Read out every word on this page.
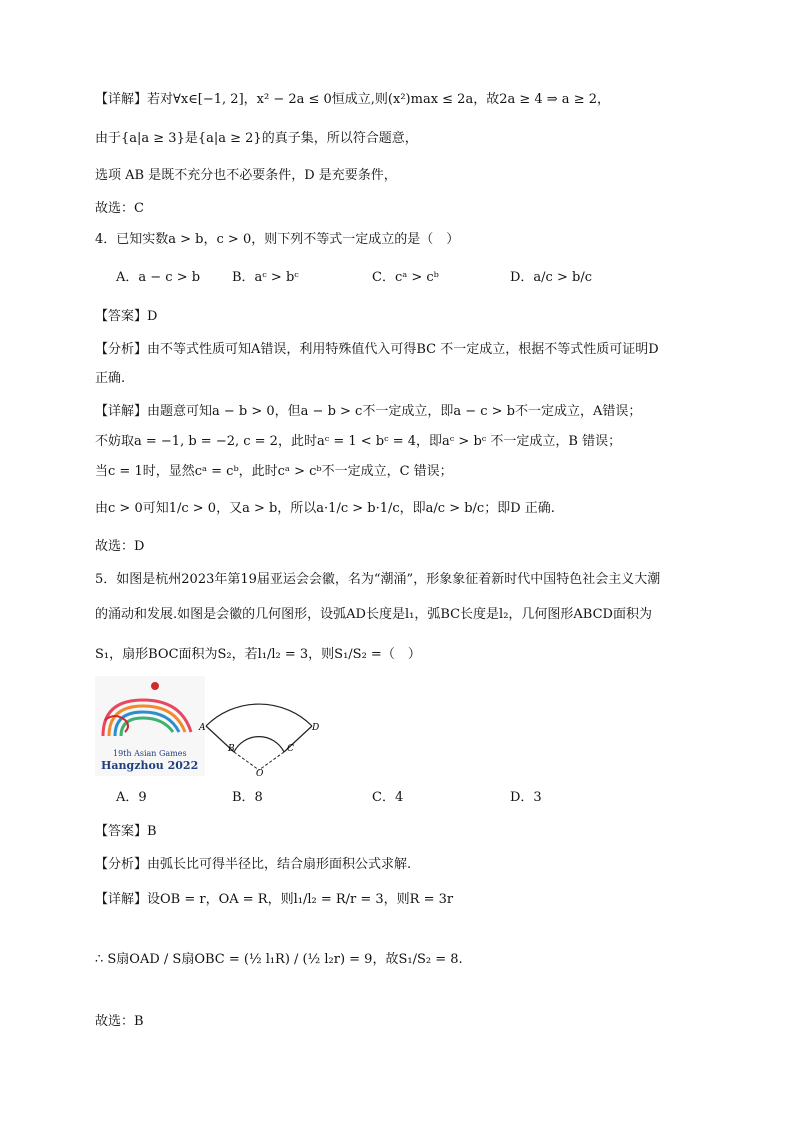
【详解】若对∀x∈[−1, 2]，x² − 2a ≤ 0恒成立,则(x²)max ≤ 2a，故2a ≥ 4 ⇒ a ≥ 2，
由于{a|a ≥ 3}是{a|a ≥ 2}的真子集，所以符合题意，
选项 AB 是既不充分也不必要条件，D 是充要条件，
故选：C
4．已知实数a > b，c > 0，则下列不等式一定成立的是（　）
A．a − c > b B．aᶜ > bᶜ	C．cᵃ > cᵇ	D．a/c > b/c
【答案】D
【分析】由不等式性质可知A错误，利用特殊值代入可得BC 不一定成立，根据不等式性质可证明D
正确.
【详解】由题意可知a − b > 0，但a − b > c不一定成立，即a − c > b不一定成立，A错误；
不妨取a = −1, b = −2, c = 2，此时aᶜ = 1 < bᶜ = 4，即aᶜ > bᶜ 不一定成立，B 错误；
当c = 1时，显然cᵃ = cᵇ，此时cᵃ > cᵇ不一定成立，C 错误；
由c > 0可知1/c > 0，又a > b，所以a·1/c > b·1/c，即a/c > b/c；即D 正确.
故选：D
5．如图是杭州2023年第19届亚运会会徽，名为“潮涌”，形象象征着新时代中国特色社会主义大潮
的涌动和发展.如图是会徽的几何图形，设弧AD长度是l₁，弧BC长度是l₂，几何图形ABCD面积为
S₁，扇形BOC面积为S₂，若l₁/l₂ = 3，则S₁/S₂ =（　）
19th Asian Games
Hangzhou 2022
A
B	C
D
O
A．9	B．8	C．4	D．3
【答案】B
【分析】由弧长比可得半径比，结合扇形面积公式求解.
【详解】设OB = r，OA = R，则l₁/l₂ = R/r = 3，则R = 3r
∴ S扇OAD / S扇OBC = (½ l₁R) / (½ l₂r) = 9，故S₁/S₂ = 8.
故选：B
